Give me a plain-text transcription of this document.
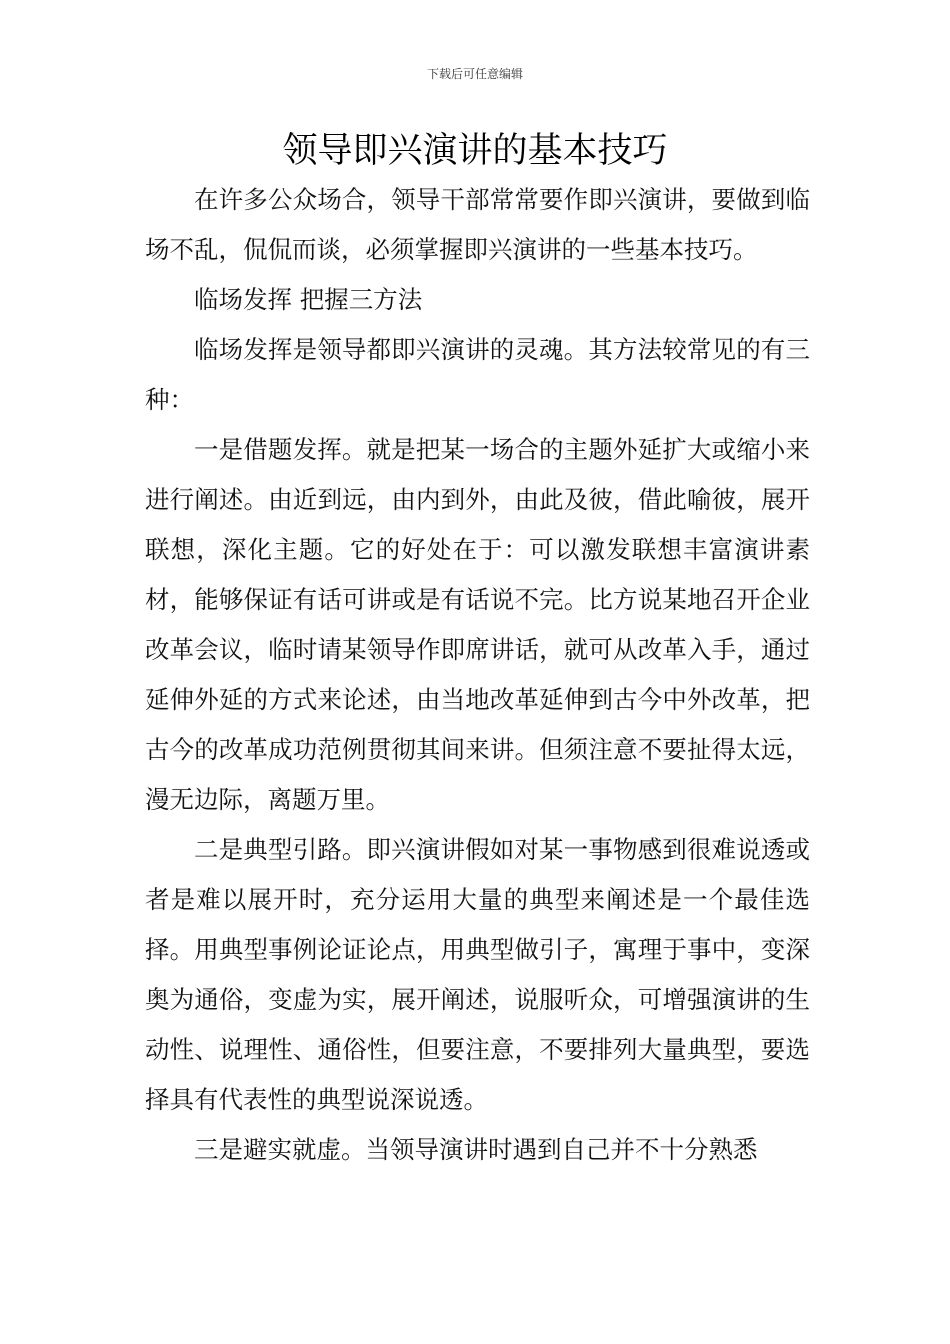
下载后可任意编辑
领导即兴演讲的基本技巧

在许多公众场合，领导干部常常要作即兴演讲，要做到临场不乱，侃侃而谈，必须掌握即兴演讲的一些基本技巧。

临场发挥 把握三方法

临场发挥是领导都即兴演讲的灵魂。其方法较常见的有三种：

一是借题发挥。就是把某一场合的主题外延扩大或缩小来进行阐述。由近到远，由内到外，由此及彼，借此喻彼，展开联想，深化主题。它的好处在于：可以激发联想丰富演讲素材，能够保证有话可讲或是有话说不完。比方说某地召开企业改革会议，临时请某领导作即席讲话，就可从改革入手，通过延伸外延的方式来论述，由当地改革延伸到古今中外改革，把古今的改革成功范例贯彻其间来讲。但须注意不要扯得太远，漫无边际，离题万里。

二是典型引路。即兴演讲假如对某一事物感到很难说透或者是难以展开时，充分运用大量的典型来阐述是一个最佳选择。用典型事例论证论点，用典型做引子，寓理于事中，变深奥为通俗，变虚为实，展开阐述，说服听众，可增强演讲的生动性、说理性、通俗性，但要注意，不要排列大量典型，要选择具有代表性的典型说深说透。

三是避实就虚。当领导演讲时遇到自己并不十分熟悉
